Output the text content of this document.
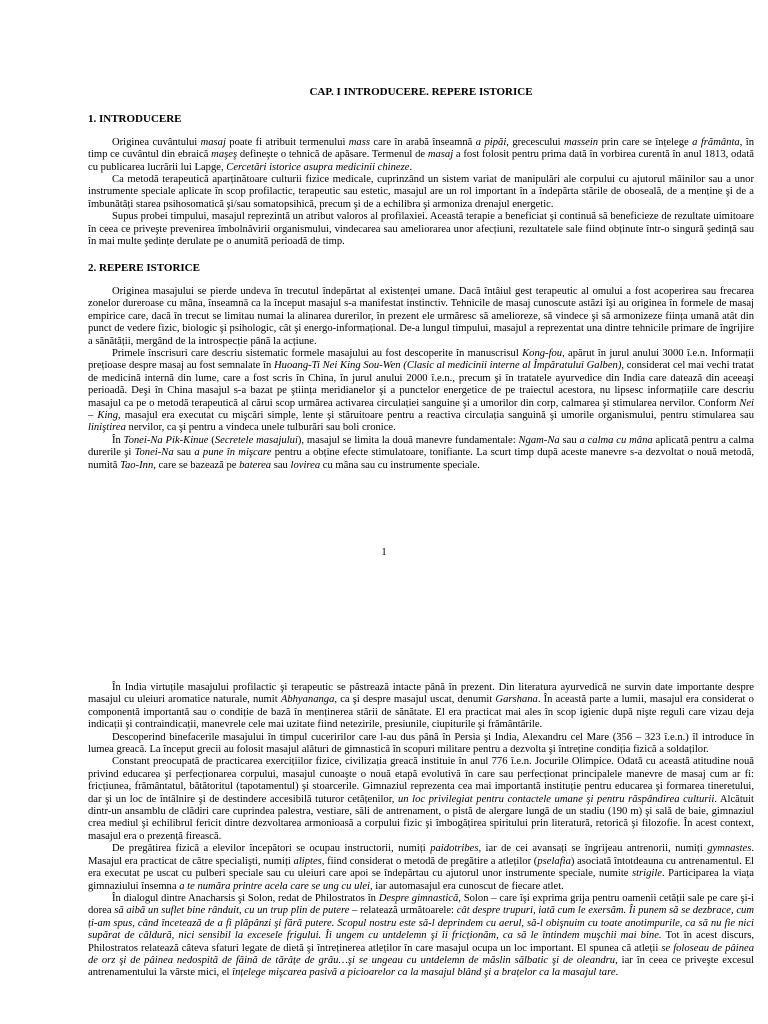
CAP. I INTRODUCERE. REPERE ISTORICE

1. INTRODUCERE

Originea cuvântului masaj poate fi atribuit termenului mass care în arabă înseamnă a pipăi, grecescului massein prin care se înțelege a frământa, în timp ce cuvântul din ebraică maşeş defineşte o tehnică de apăsare. Termenul de masaj a fost folosit pentru prima dată în vorbirea curentă în anul 1813, odată cu publicarea lucrării lui Lapge, Cercetări istorice asupra medicinii chineze.

Ca metodă terapeutică aparținătoare culturii fizice medicale, cuprinzând un sistem variat de manipulări ale corpului cu ajutorul mâinilor sau a unor instrumente speciale aplicate în scop profilactic, terapeutic sau estetic, masajul are un rol important în a îndepărta stările de oboseală, de a menține şi de a îmbunătăți starea psihosomatică şi/sau somatopsihică, precum şi de a echilibra şi armoniza drenajul energetic.

Supus probei timpului, masajul reprezintă un atribut valoros al profilaxiei. Această terapie a beneficiat şi continuă să beneficieze de rezultate uimitoare în ceea ce priveşte prevenirea îmbolnăvirii organismului, vindecarea sau ameliorarea unor afecțiuni, rezultatele sale fiind obținute într-o singură şedință sau în mai multe şedințe derulate pe o anumită perioadă de timp.

2. REPERE ISTORICE

Originea masajului se pierde undeva în trecutul îndepărtat al existenței umane. Dacă întâiul gest terapeutic al omului a fost acoperirea sau frecarea zonelor dureroase cu mâna, înseamnă ca la început masajul s-a manifestat instinctiv. Tehnicile de masaj cunoscute astăzi îşi au originea în formele de masaj empirice care, dacă în trecut se limitau numai la alinarea durerilor, în prezent ele urmăresc să amelioreze, să vindece şi să armonizeze ființa umană atât din punct de vedere fizic, biologic şi psihologic, cât şi energo-informațional. De-a lungul timpului, masajul a reprezentat una dintre tehnicile primare de îngrijire a sănătății, mergând de la introspecție până la acțiune.

Primele înscrisuri care descriu sistematic formele masajului au fost descoperite în manuscrisul Kong-fou, apărut în jurul anului 3000 î.e.n. Informații prețioase despre masaj au fost semnalate în Huoang-Ti Nei King Sou-Wen (Clasic al medicinii interne al Împăratului Galben), considerat cel mai vechi tratat de medicină internă din lume, care a fost scris în China, în jurul anului 2000 î.e.n., precum şi în tratatele ayurvedice din India care datează din aceeaşi perioadă. Deşi în China masajul s-a bazat pe ştiința meridianelor şi a punctelor energetice de pe traiectul acestora, nu lipsesc informațiile care descriu masajul ca pe o metodă terapeutică al cărui scop urmărea activarea circulației sanguine şi a umorilor din corp, calmarea şi stimularea nervilor. Conform Nei – King, masajul era executat cu mişcări simple, lente şi stăruitoare pentru a reactiva circulația sanguină şi umorile organismului, pentru stimularea sau liniştirea nervilor, ca şi pentru a vindeca unele tulburări sau boli cronice.

În Tonei-Na Pik-Kinue (Secretele masajului), masajul se limita la două manevre fundamentale: Ngam-Na sau a calma cu mâna aplicată pentru a calma durerile şi Tonei-Na sau a pune în mişcare pentru a obține efecte stimulatoare, tonifiante. La scurt timp după aceste manevre s-a dezvoltat o nouă metodă, numită Tao-Inn, care se bazează pe baterea sau lovirea cu mâna sau cu instrumente speciale.

1

În India virtuțile masajului profilactic şi terapeutic se păstrează intacte până în prezent. Din literatura ayurvedică ne survin date importante despre masajul cu uleiuri aromatice naturale, numit Abhyananga, ca şi despre masajul uscat, denumit Garshana. În această parte a lumii, masajul era considerat o componentă importantă sau o condiție de bază în menținerea stării de sănătate. El era practicat mai ales în scop igienic după nişte reguli care vizau deja indicații şi contraindicații, manevrele cele mai uzitate fiind netezirile, presiunile, ciupiturile şi frământările.

Descoperind binefacerile masajului în timpul cuceririlor care l-au dus până în Persia şi India, Alexandru cel Mare (356 – 323 î.e.n.) îl introduce în lumea greacă. La început grecii au folosit masajul alături de gimnastică în scopuri militare pentru a dezvolta şi întreține condiția fizică a soldaților.

Constant preocupată de practicarea exercițiilor fizice, civilizația greacă instituie în anul 776 î.e.n. Jocurile Olimpice. Odată cu această atitudine nouă privind educarea şi perfecționarea corpului, masajul cunoaşte o nouă etapă evolutivă în care sau perfecționat principalele manevre de masaj cum ar fi: fricțiunea, frământatul, bătătoritul (tapotamentul) şi stoarcerile. Gimnaziul reprezenta cea mai importantă instituție pentru educarea şi formarea tineretului, dar şi un loc de întâlnire şi de destindere accesibilă tuturor cetățenilor, un loc privilegiat pentru contactele umane şi pentru răspândirea culturii. Alcătuit dintr-un ansamblu de clădiri care cuprindea palestra, vestiare, săli de antrenament, o pistă de alergare lungă de un stadiu (190 m) şi sală de baie, gimnaziul crea mediul şi echilibrul fericit dintre dezvoltarea armonioasă a corpului fizic şi îmbogățirea spiritului prin literatură, retorică şi filozofie. În acest context, masajul era o prezență firească.

De pregătirea fizică a elevilor începători se ocupau instructorii, numiți paidotribes, iar de cei avansați se îngrijeau antrenorii, numiți gymnastes. Masajul era practicat de către specialişti, numiți aliptes, fiind considerat o metodă de pregătire a atleților (pselafia) asociată întotdeauna cu antrenamentul. El era executat pe uscat cu pulberi speciale sau cu uleiuri care apoi se îndepărtau cu ajutorul unor instrumente speciale, numite strigile. Participarea la viața gimnaziului însemna a te număra printre acela care se ung cu ulei, iar automasajul era cunoscut de fiecare atlet.

În dialogul dintre Anacharsis şi Solon, redat de Philostratos în Despre gimnastică, Solon – care îşi exprima grija pentru oamenii cetății sale pe care şi-i dorea să aibă un suflet bine rânduit, cu un trup plin de putere – relatează următoarele: cât despre trupuri, iată cum le exersăm. Îi punem să se dezbrace, cum ți-am spus, când încetează de a fi plăpânzi şi fără putere. Scopul nostru este să-l deprindem cu aerul, să-l obişnuim cu toate anotimpurile, ca să nu fie nici supărat de căldură, nici sensibil la excesele frigului. Îi ungem cu untdelemn şi îi fricționăm, ca să le întindem muşchii mai bine. Tot în acest discurs, Philostratos relatează câteva sfaturi legate de dietă şi întreținerea atleților în care masajul ocupa un loc important. El spunea că atleții se foloseau de pâinea de orz şi de pâinea nedospită de făină de tărâțe de grâu…şi se ungeau cu untdelemn de măslin sălbatic şi de oleandru, iar în ceea ce priveşte excesul antrenamentului la vârste mici, el înțelege mişcarea pasivă a picioarelor ca la masajul blând şi a brațelor ca la masajul tare.
